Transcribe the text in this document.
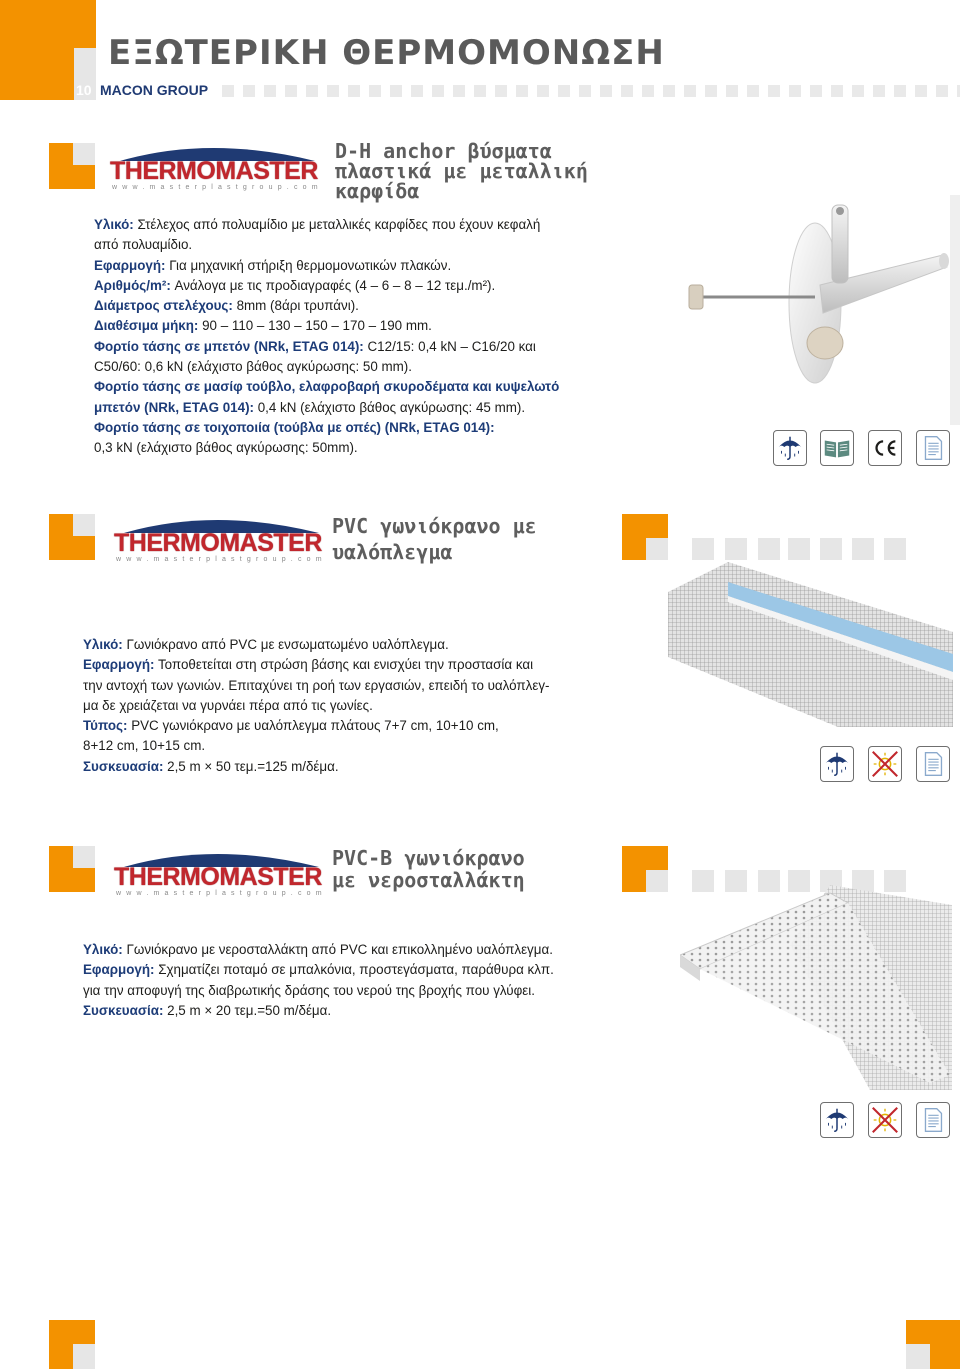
10
ΕΞΩΤΕΡΙΚΗ ΘΕΡΜΟΜΟΝΩΣΗ
MACON GROUP
THERMOMASTER
www.masterplastgroup.com
D-H anchor βύσματα
πλαστικά με μεταλλική
καρφίδα
Υλικό: Στέλεχος από πολυαμίδιο με μεταλλικές καρφίδες που έχουν κεφαλή
από πολυαμίδιο.
Εφαρμογή: Για μηχανική στήριξη θερμομονωτικών πλακών.
Αριθμός/m²: Ανάλογα με τις προδιαγραφές (4 – 6 – 8 – 12 τεμ./m²).
Διάμετρος στελέχους: 8mm (8άρι τρυπάνι).
Διαθέσιμα μήκη: 90 – 110 – 130 – 150 – 170 – 190 mm.
Φορτίο τάσης σε μπετόν (NRk, ETAG 014): C12/15: 0,4 kN – C16/20 και
C50/60: 0,6 kN (ελάχιστο βάθος αγκύρωσης: 50 mm).
Φορτίο τάσης σε μασίφ τούβλο, ελαφροβαρή σκυροδέματα και κυψελωτό
μπετόν (NRk, ETAG 014): 0,4 kN (ελάχιστο βάθος αγκύρωσης: 45 mm).
Φορτίο τάσης σε τοιχοποιία (τούβλα με οπές) (NRk, ETAG 014):
0,3 kN (ελάχιστο βάθος αγκύρωσης: 50mm).
THERMOMASTER
www.masterplastgroup.com
PVC γωνιόκρανο με
υαλόπλεγμα
Υλικό: Γωνιόκρανο από PVC με ενσωματωμένο υαλόπλεγμα.
Εφαρμογή: Τοποθετείται στη στρώση βάσης και ενισχύει την προστασία και
την αντοχή των γωνιών. Επιταχύνει τη ροή των εργασιών, επειδή το υαλόπλεγ-
μα δε χρειάζεται να γυρνάει πέρα από τις γωνίες.
Τύπος: PVC γωνιόκρανο με υαλόπλεγμα πλάτους 7+7 cm, 10+10 cm,
8+12 cm, 10+15 cm.
Συσκευασία: 2,5 m × 50 τεμ.=125 m/δέμα.
THERMOMASTER
www.masterplastgroup.com
PVC-B γωνιόκρανο
με νεροσταλλάκτη
Υλικό: Γωνιόκρανο με νεροσταλλάκτη από PVC και επικολλημένο υαλόπλεγμα.
Εφαρμογή: Σχηματίζει ποταμό σε μπαλκόνια, προστεγάσματα, παράθυρα κλπ.
για την αποφυγή της διαβρωτικής δράσης του νερού της βροχής που γλύφει.
Συσκευασία: 2,5 m × 20 τεμ.=50 m/δέμα.
